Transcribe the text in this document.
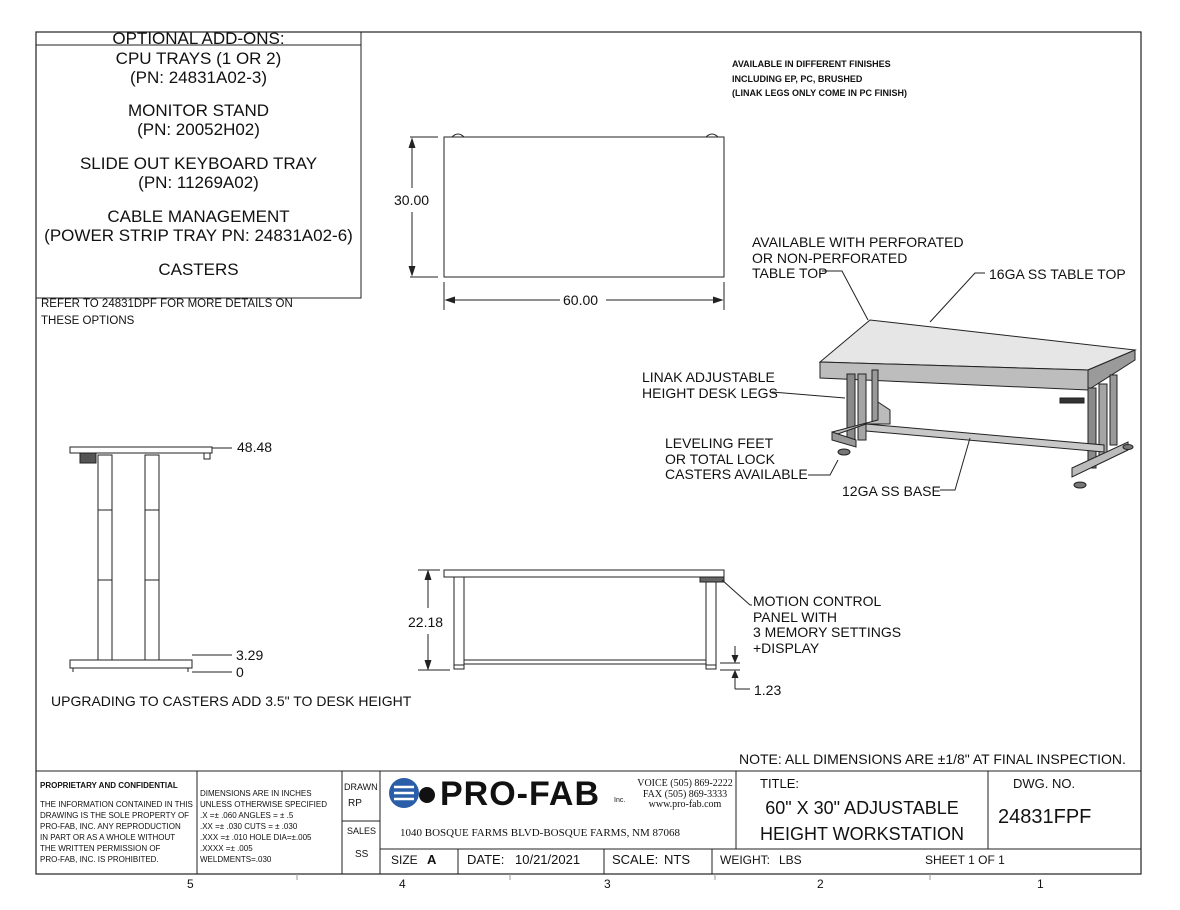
OPTIONAL ADD-ONS:
CPU TRAYS (1 OR 2)
(PN: 24831A02-3)
MONITOR STAND
(PN: 20052H02)
SLIDE OUT KEYBOARD TRAY
(PN: 11269A02)
CABLE MANAGEMENT
(POWER STRIP TRAY PN: 24831A02-6)
CASTERS
REFER TO 24831DPF FOR MORE DETAILS ON
THESE OPTIONS
AVAILABLE IN DIFFERENT FINISHES
INCLUDING EP, PC, BRUSHED
(LINAK LEGS ONLY COME IN PC FINISH)
30.00
60.00
48.48
3.29
0
UPGRADING TO CASTERS ADD 3.5" TO DESK HEIGHT
22.18
1.23
MOTION CONTROL
PANEL WITH
3 MEMORY SETTINGS
+DISPLAY
AVAILABLE WITH PERFORATED
OR NON-PERFORATED
TABLE TOP	16GA SS TABLE TOP
LINAK ADJUSTABLE
HEIGHT DESK LEGS
LEVELING FEET
OR TOTAL LOCK
CASTERS AVAILABLE
12GA SS BASE
NOTE: ALL DIMENSIONS ARE ±1/8" AT FINAL INSPECTION.
PROPRIETARY AND CONFIDENTIAL
THE INFORMATION CONTAINED IN THIS
DRAWING IS THE SOLE PROPERTY OF
PRO-FAB, INC. ANY REPRODUCTION
IN PART OR AS A WHOLE WITHOUT
THE WRITTEN PERMISSION OF
PRO-FAB, INC. IS PROHIBITED.
DIMENSIONS ARE IN INCHES
UNLESS OTHERWISE SPECIFIED
.X =± .060 ANGLES = ± .5
.XX =± .030 CUTS = ± .030
.XXX =± .010 HOLE DIA=±.005
.XXXX =± .005
WELDMENTS=.030
DRAWN
RP
SALES
SS
PRO-FAB Inc.
VOICE (505) 869-2222
FAX (505) 869-3333
www.pro-fab.com
1040 BOSQUE FARMS BLVD-BOSQUE FARMS, NM 87068
TITLE:
60" X 30" ADJUSTABLE
HEIGHT WORKSTATION
DWG. NO.
24831FPF
SIZE A DATE: 10/21/2021 SCALE: NTS	WEIGHT: LBS	SHEET 1 OF 1
5	4	3	2	1
